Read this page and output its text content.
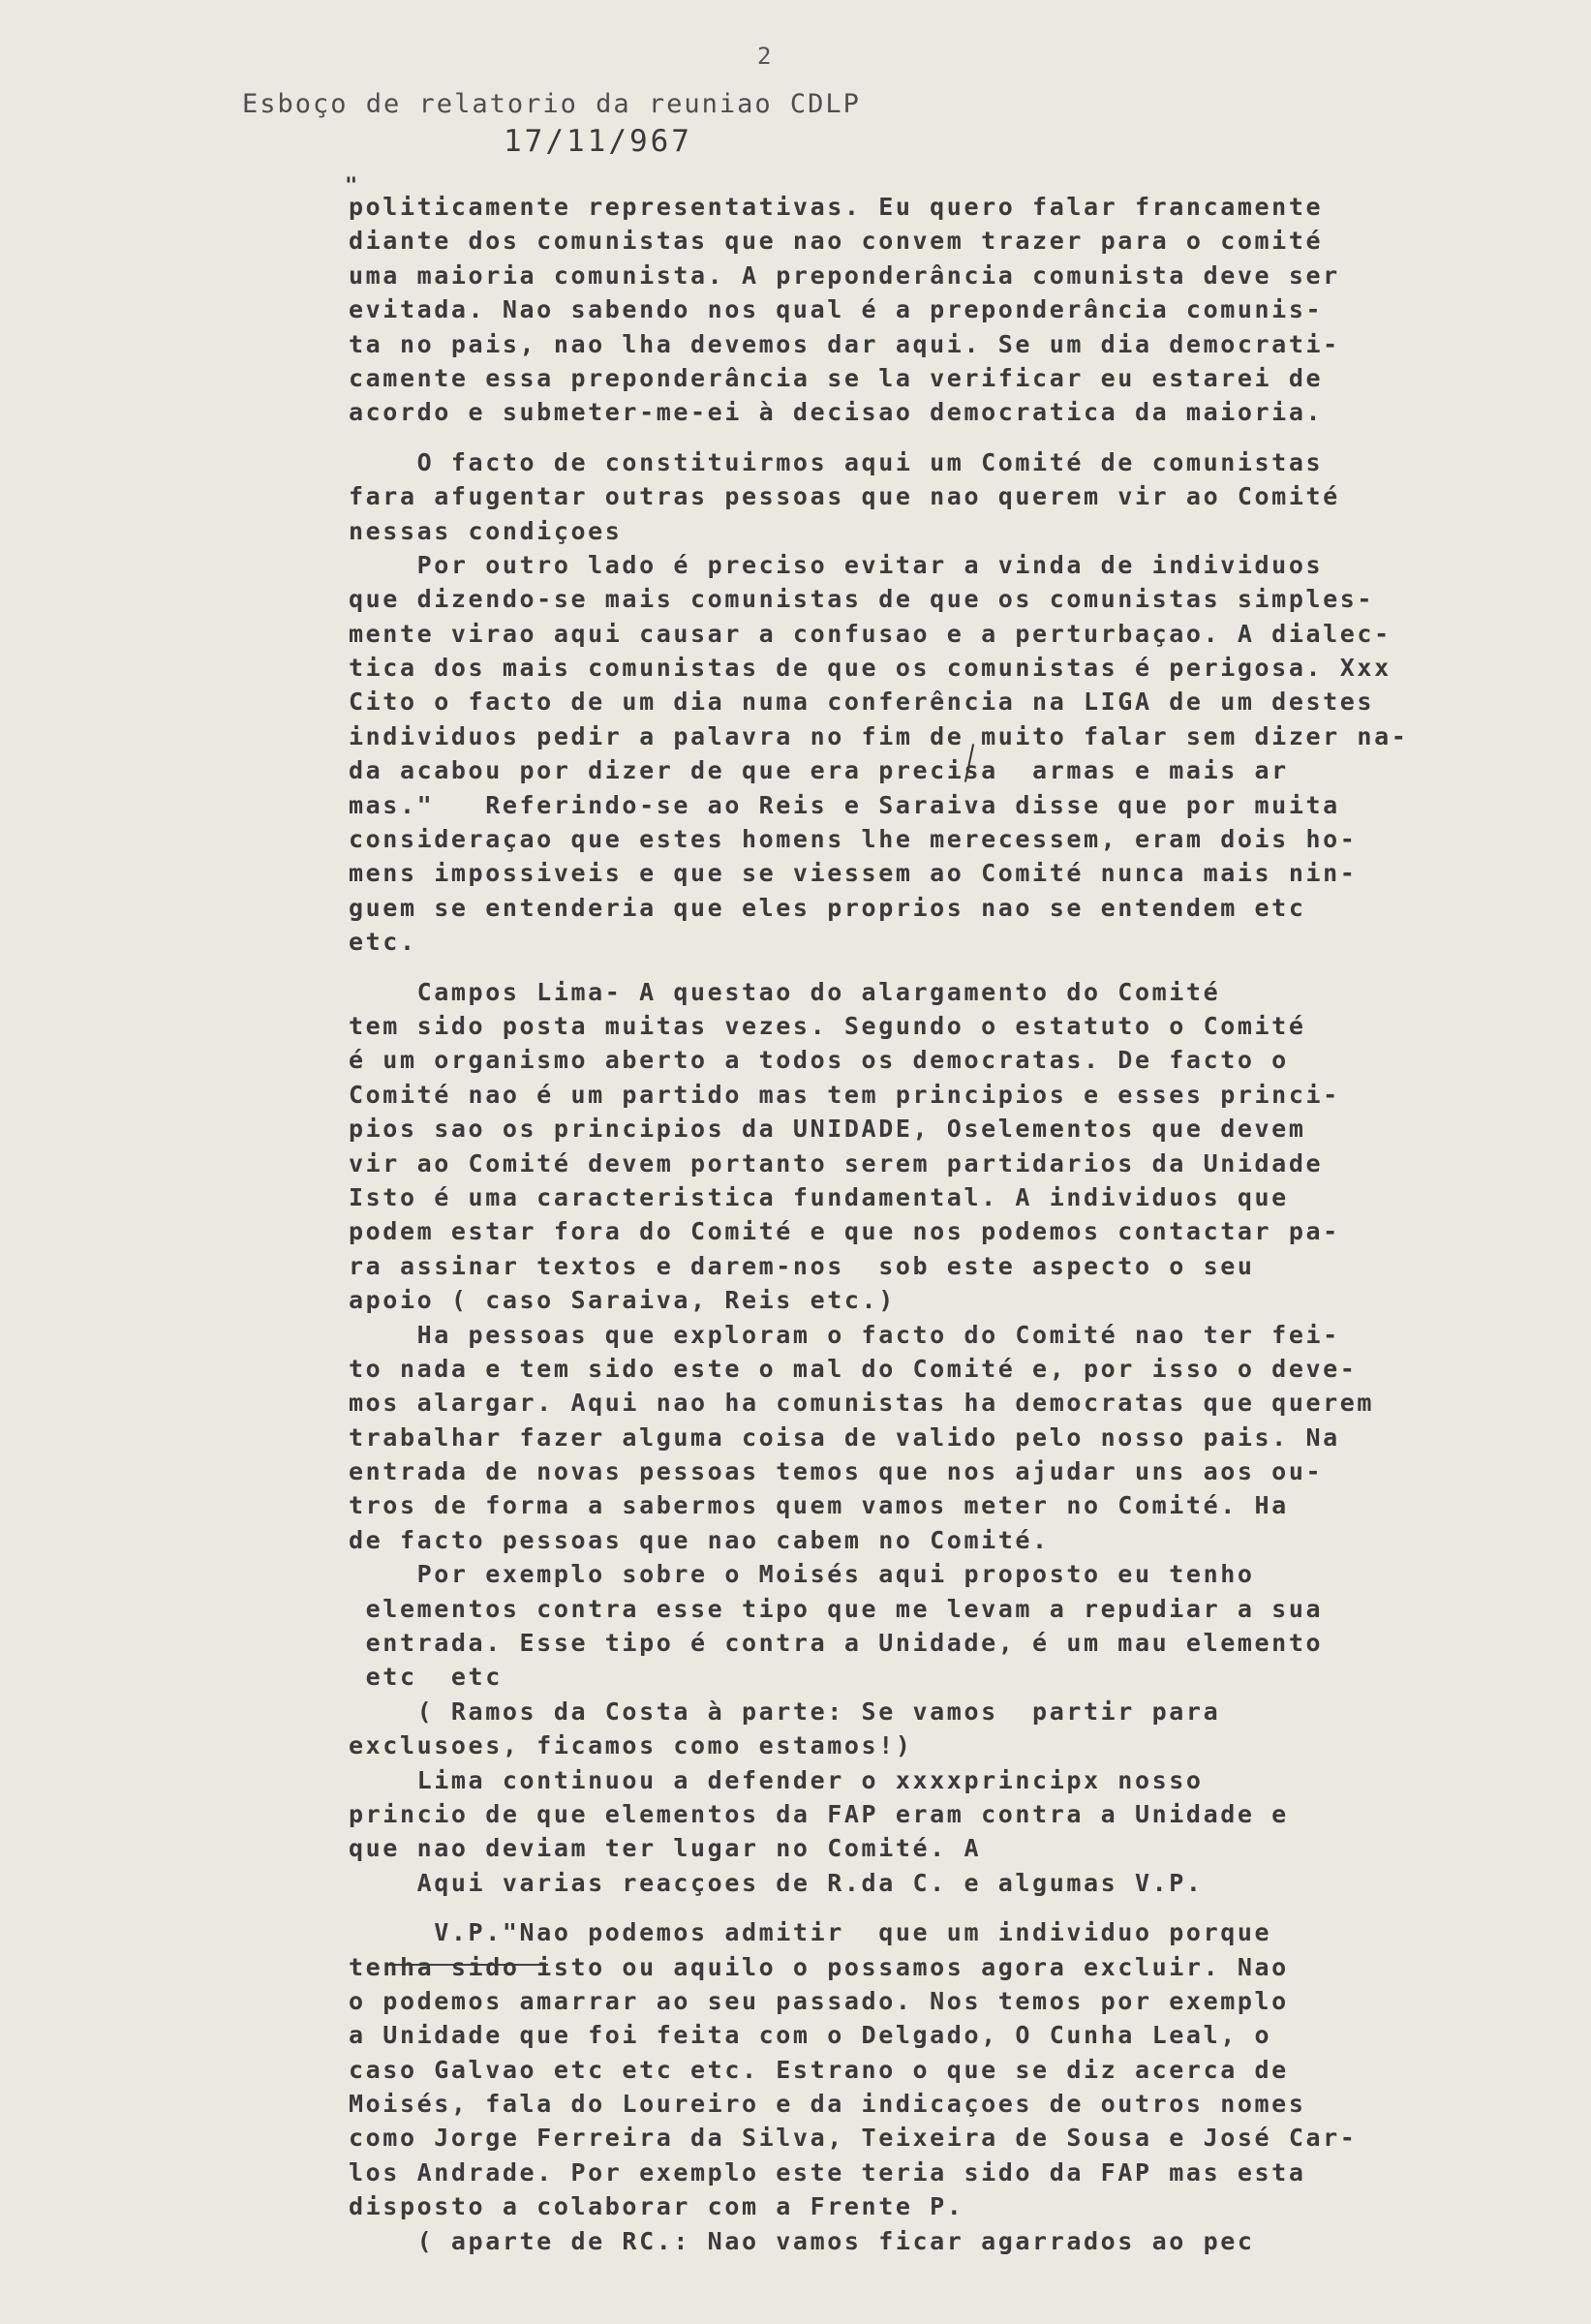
2
Esboço de relatorio da reuniao CDLP
17/11/967
"
politicamente representativas. Eu quero falar francamente
diante dos comunistas que nao convem trazer para o comité
uma maioria comunista. A preponderância comunista deve ser
evitada. Nao sabendo nos qual é a preponderância comunis-
ta no pais, nao lha devemos dar aqui. Se um dia democrati-
camente essa preponderância se la verificar eu estarei de
acordo e submeter-me-ei à decisao democratica da maioria.
O facto de constituirmos aqui um Comité de comunistas
fara afugentar outras pessoas que nao querem vir ao Comité
nessas condiçoes
Por outro lado é preciso evitar a vinda de individuos
que dizendo-se mais comunistas de que os comunistas simples-
mente virao aqui causar a confusao e a perturbaçao. A dialec-
tica dos mais comunistas de que os comunistas é perigosa. Xxx
Cito o facto de um dia numa conferência na LIGA de um destes
individuos pedir a palavra no fim de muito falar sem dizer na-
da acabou por dizer de que era precisa  armas e mais ar
mas."   Referindo-se ao Reis e Saraiva disse que por muita
consideraçao que estes homens lhe merecessem, eram dois ho-
mens impossiveis e que se viessem ao Comité nunca mais nin-
guem se entenderia que eles proprios nao se entendem etc
etc.
Campos Lima- A questao do alargamento do Comité
tem sido posta muitas vezes. Segundo o estatuto o Comité
é um organismo aberto a todos os democratas. De facto o
Comité nao é um partido mas tem principios e esses princi-
pios sao os principios da UNIDADE, Oselementos que devem
vir ao Comité devem portanto serem partidarios da Unidade
Isto é uma caracteristica fundamental. A individuos que
podem estar fora do Comité e que nos podemos contactar pa-
ra assinar textos e darem-nos  sob este aspecto o seu
apoio ( caso Saraiva, Reis etc.)
Ha pessoas que exploram o facto do Comité nao ter fei-
to nada e tem sido este o mal do Comité e, por isso o deve-
mos alargar. Aqui nao ha comunistas ha democratas que querem
trabalhar fazer alguma coisa de valido pelo nosso pais. Na
entrada de novas pessoas temos que nos ajudar uns aos ou-
tros de forma a sabermos quem vamos meter no Comité. Ha
de facto pessoas que nao cabem no Comité.
Por exemplo sobre o Moisés aqui proposto eu tenho
elementos contra esse tipo que me levam a repudiar a sua
entrada. Esse tipo é contra a Unidade, é um mau elemento
etc  etc
( Ramos da Costa à parte: Se vamos  partir para
exclusoes, ficamos como estamos!)
Lima continuou a defender o xxxxprincipx nosso
princio de que elementos da FAP eram contra a Unidade e
que nao deviam ter lugar no Comité. A
Aqui varias reacçoes de R.da C. e algumas V.P.
V.P."Nao podemos admitir  que um individuo porque
tenha sido isto ou aquilo o possamos agora excluir. Nao
o podemos amarrar ao seu passado. Nos temos por exemplo
a Unidade que foi feita com o Delgado, O Cunha Leal, o
caso Galvao etc etc etc. Estrano o que se diz acerca de
Moisés, fala do Loureiro e da indicaçoes de outros nomes
como Jorge Ferreira da Silva, Teixeira de Sousa e José Car-
los Andrade. Por exemplo este teria sido da FAP mas esta
disposto a colaborar com a Frente P.
( aparte de RC.: Nao vamos ficar agarrados ao pec
